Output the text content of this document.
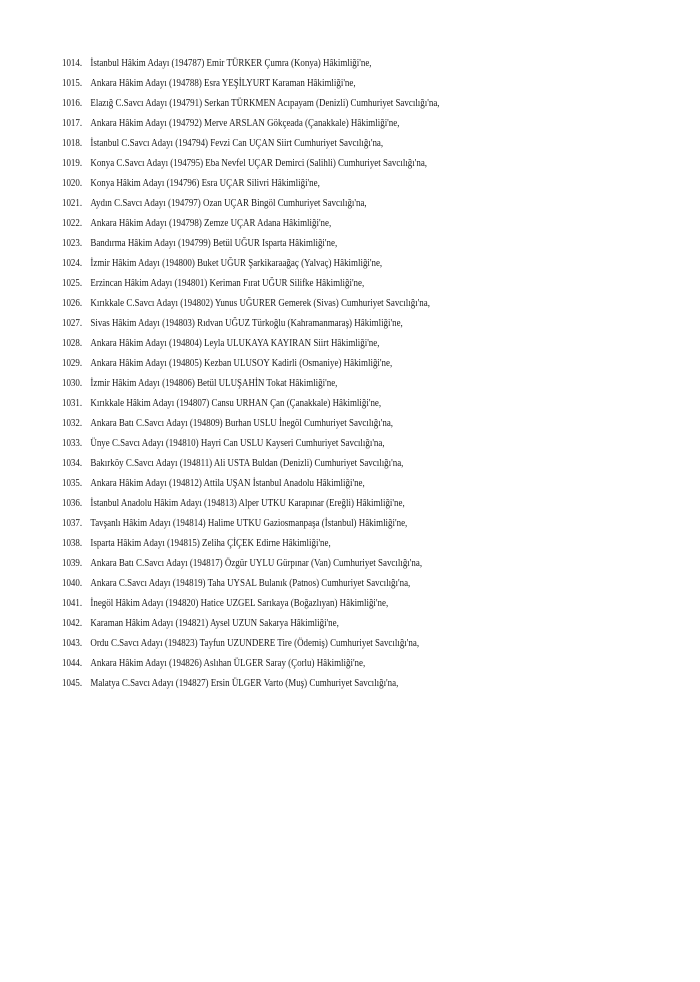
1014. İstanbul Hâkim Adayı (194787) Emir TÜRKER Çumra (Konya) Hâkimliği'ne,
1015. Ankara Hâkim Adayı (194788) Esra YEŞİLYURT Karaman Hâkimliği'ne,
1016. Elazığ C.Savcı Adayı (194791) Serkan TÜRKMEN Acıpayam (Denizli) Cumhuriyet Savcılığı'na,
1017. Ankara Hâkim Adayı (194792) Merve ARSLAN Gökçeada (Çanakkale) Hâkimliği'ne,
1018. İstanbul C.Savcı Adayı (194794) Fevzi Can UÇAN Siirt Cumhuriyet Savcılığı'na,
1019. Konya C.Savcı Adayı (194795) Eba Nevfel UÇAR Demirci (Salihli) Cumhuriyet Savcılığı'na,
1020. Konya Hâkim Adayı (194796) Esra UÇAR Silivri Hâkimliği'ne,
1021. Aydın C.Savcı Adayı (194797) Ozan UÇAR Bingöl Cumhuriyet Savcılığı'na,
1022. Ankara Hâkim Adayı (194798) Zemze UÇAR Adana Hâkimliği'ne,
1023. Bandırma Hâkim Adayı (194799) Betül UĞUR Isparta Hâkimliği'ne,
1024. İzmir Hâkim Adayı (194800) Buket UĞUR Şarkikaraağaç (Yalvaç) Hâkimliği'ne,
1025. Erzincan Hâkim Adayı (194801) Keriman Fırat UĞUR Silifke Hâkimliği'ne,
1026. Kırıkkale C.Savcı Adayı (194802) Yunus UĞURER Gemerek (Sivas) Cumhuriyet Savcılığı'na,
1027. Sivas Hâkim Adayı (194803) Rıdvan UĞUZ Türkoğlu (Kahramanmaraş) Hâkimliği'ne,
1028. Ankara Hâkim Adayı (194804) Leyla ULUKAYA KAYIRAN Siirt Hâkimliği'ne,
1029. Ankara Hâkim Adayı (194805) Kezban ULUSOY Kadirli (Osmaniye) Hâkimliği'ne,
1030. İzmir Hâkim Adayı (194806) Betül ULUŞAHİN Tokat Hâkimliği'ne,
1031. Kırıkkale Hâkim Adayı (194807) Cansu URHAN Çan (Çanakkale) Hâkimliği'ne,
1032. Ankara Batı C.Savcı Adayı (194809) Burhan USLU İnegöl Cumhuriyet Savcılığı'na,
1033. Ünye C.Savcı Adayı (194810) Hayri Can USLU Kayseri Cumhuriyet Savcılığı'na,
1034. Bakırköy C.Savcı Adayı (194811) Ali USTA Buldan (Denizli) Cumhuriyet Savcılığı'na,
1035. Ankara Hâkim Adayı (194812) Attila UŞAN İstanbul Anadolu Hâkimliği'ne,
1036. İstanbul Anadolu Hâkim Adayı (194813) Alper UTKU Karapınar (Ereğli) Hâkimliği'ne,
1037. Tavşanlı Hâkim Adayı (194814) Halime UTKU Gaziosmanpaşa (İstanbul) Hâkimliği'ne,
1038. Isparta Hâkim Adayı (194815) Zeliha ÇİÇEK Edirne Hâkimliği'ne,
1039. Ankara Batı C.Savcı Adayı (194817) Özgür UYLU Gürpınar (Van) Cumhuriyet Savcılığı'na,
1040. Ankara C.Savcı Adayı (194819) Taha UYSAL Bulanık (Patnos) Cumhuriyet Savcılığı'na,
1041. İnegöl Hâkim Adayı (194820) Hatice UZGEL Sarıkaya (Boğazlıyan) Hâkimliği'ne,
1042. Karaman Hâkim Adayı (194821) Aysel UZUN Sakarya Hâkimliği'ne,
1043. Ordu C.Savcı Adayı (194823) Tayfun UZUNDERE Tire (Ödemiş) Cumhuriyet Savcılığı'na,
1044. Ankara Hâkim Adayı (194826) Aslıhan ÜLGER Saray (Çorlu) Hâkimliği'ne,
1045. Malatya C.Savcı Adayı (194827) Ersin ÜLGER Varto (Muş) Cumhuriyet Savcılığı'na,
